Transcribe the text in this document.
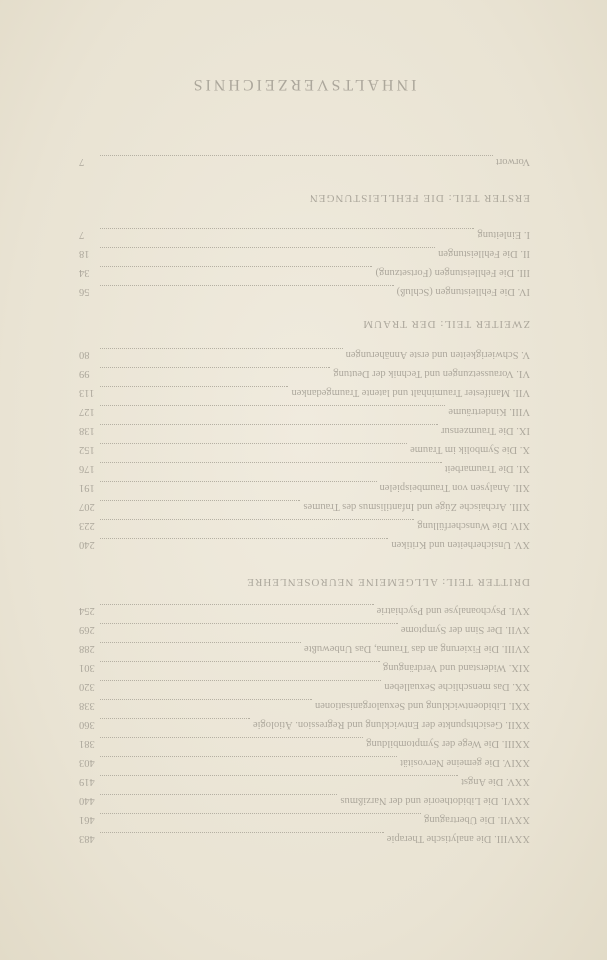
INHALTSVERZEICHNIS
Vorwort
7
ERSTER TEIL: DIE FEHLLEISTUNGEN
I.

Einleitung
7
II.

Die Fehlleistungen
18
III.

Die Fehlleistungen (Fortsetzung)
34
IV.

Die Fehlleistungen (Schluß)
56
ZWEITER TEIL: DER TRAUM
V.

Schwierigkeiten und erste Annäherungen
80
VI.

Voraussetzungen und Technik der Deutung
99
VII.

Manifester Trauminhalt und latente Traumgedanken
113
VIII.

Kinderträume
127
IX.

Die Traumzensur
138
X.

Die Symbolik im Traume
152
XI.

Die Traumarbeit
176
XII.

Analysen von Traumbeispielen
191
XIII.

Archaische Züge und Infantilismus des Traumes
207
XIV.

Die Wunscherfüllung
223
XV.

Unsicherheiten und Kritiken
240
DRITTER TEIL: ALLGEMEINE NEUROSENLEHRE
XVI.

Psychoanalyse und Psychiatrie
254
XVII.

Der Sinn der Symptome
269
XVIII.

Die Fixierung an das Trauma, Das Unbewußte
288
XIX.

Widerstand und Verdrängung
301
XX.

Das menschliche Sexualleben
320
XXI.

Libidoentwicklung und Sexualorganisationen
338
XXII.

Gesichtspunkte der Entwicklung und Regression. Ätiologie
360
XXIII.

Die Wege der Symptombildung
381
XXIV.

Die gemeine Nervosität
403
XXV.

Die Angst
419
XXVI.

Die Libidotheorie und der Narzißmus
440
XXVII.

Die Übertragung
461
XXVIII.

Die analytische Therapie
483
